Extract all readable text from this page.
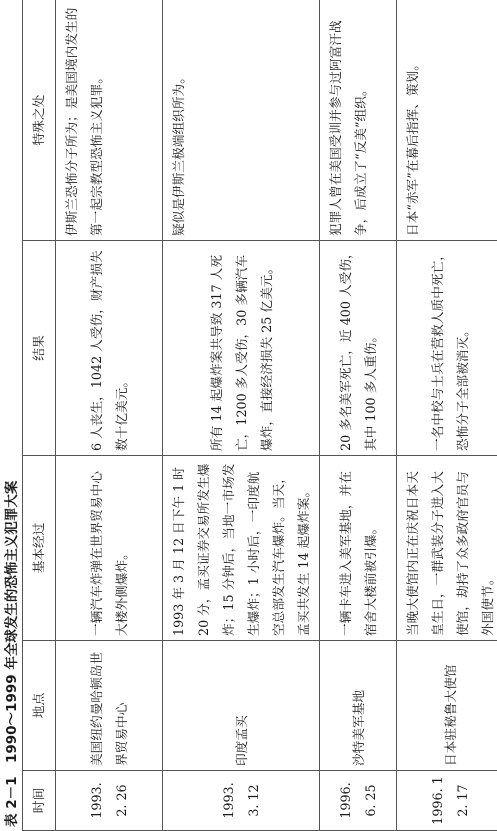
表 2－1　1990～1999 年全球发生的恐怖主义犯罪大案 时间	地点	基本经过	结果	特殊之处
1993. 2. 26	美国纽约曼哈顿岛世界贸易中心	一辆汽车炸弹在世界贸易中心大楼外侧爆炸。	6 人丧生，1042 人受伤，财产损失数十亿美元。	伊斯兰恐怖分子所为；是美国境内发生的第一起宗教型恐怖主义犯罪。
1993. 3. 12	印度孟买	1993 年 3 月 12 日下午 1 时 20 分，孟买证券交易所发生爆炸；15 分钟后，当地一市场发生爆炸；1 小时后，一印度航空总部发生汽车爆炸。当天，孟买共发生 14 起爆炸案。	所有 14 起爆炸案共导致 317 人死亡，1200 多人受伤，30 多辆汽车爆炸，直接经济损失 25 亿美元。	疑似是伊斯兰极端组织所为。
1996. 6. 25	沙特美军基地	一辆卡车进入美军基地，并在宿舍大楼前被引爆。	20 多名美军死亡，近 400 人受伤，其中 100 多人重伤。	犯罪人曾在美国受训并参与过阿富汗战争，后成立了“反美”组织。
1996. 12. 17	日本驻秘鲁大使馆	当晚大使馆内正在庆祝日本天皇生日，一群武装分子进入大使馆，劫持了众多政府官员与外国使节。	一名中校与士兵在营救人质中死亡，恐怖分子全部被消灭。	日本“赤军”在幕后指挥、策划。
